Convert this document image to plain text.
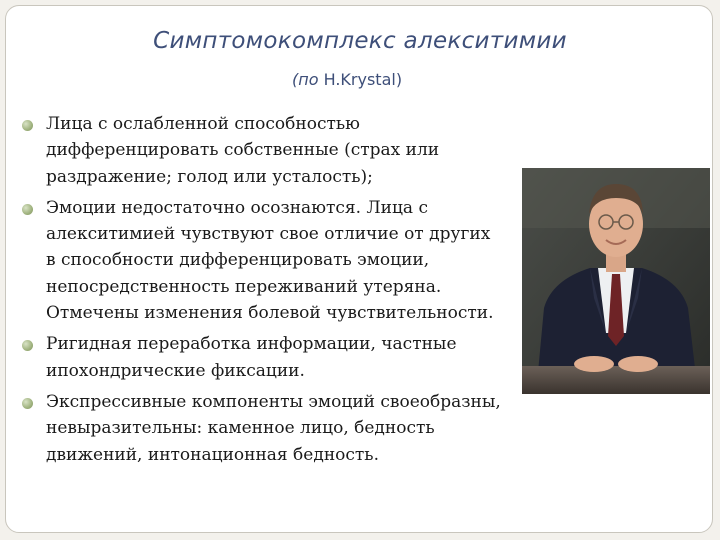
Симптомокомплекс алекситимии
(по H.Krystal)
Лица с ослабленной способностью дифференцировать собственные (страх или раздражение; голод или усталость);
Эмоции недостаточно осознаются. Лица с алекситимией чувствуют свое отличие от других в способности дифференцировать эмоции, непосредственность переживаний утеряна. Отмечены изменения болевой чувствительности.
Ригидная переработка информации, частные ипохондрические фиксации.
Экспрессивные компоненты эмоций своеобразны, невыразительны: каменное лицо, бедность движений, интонационная бедность.
